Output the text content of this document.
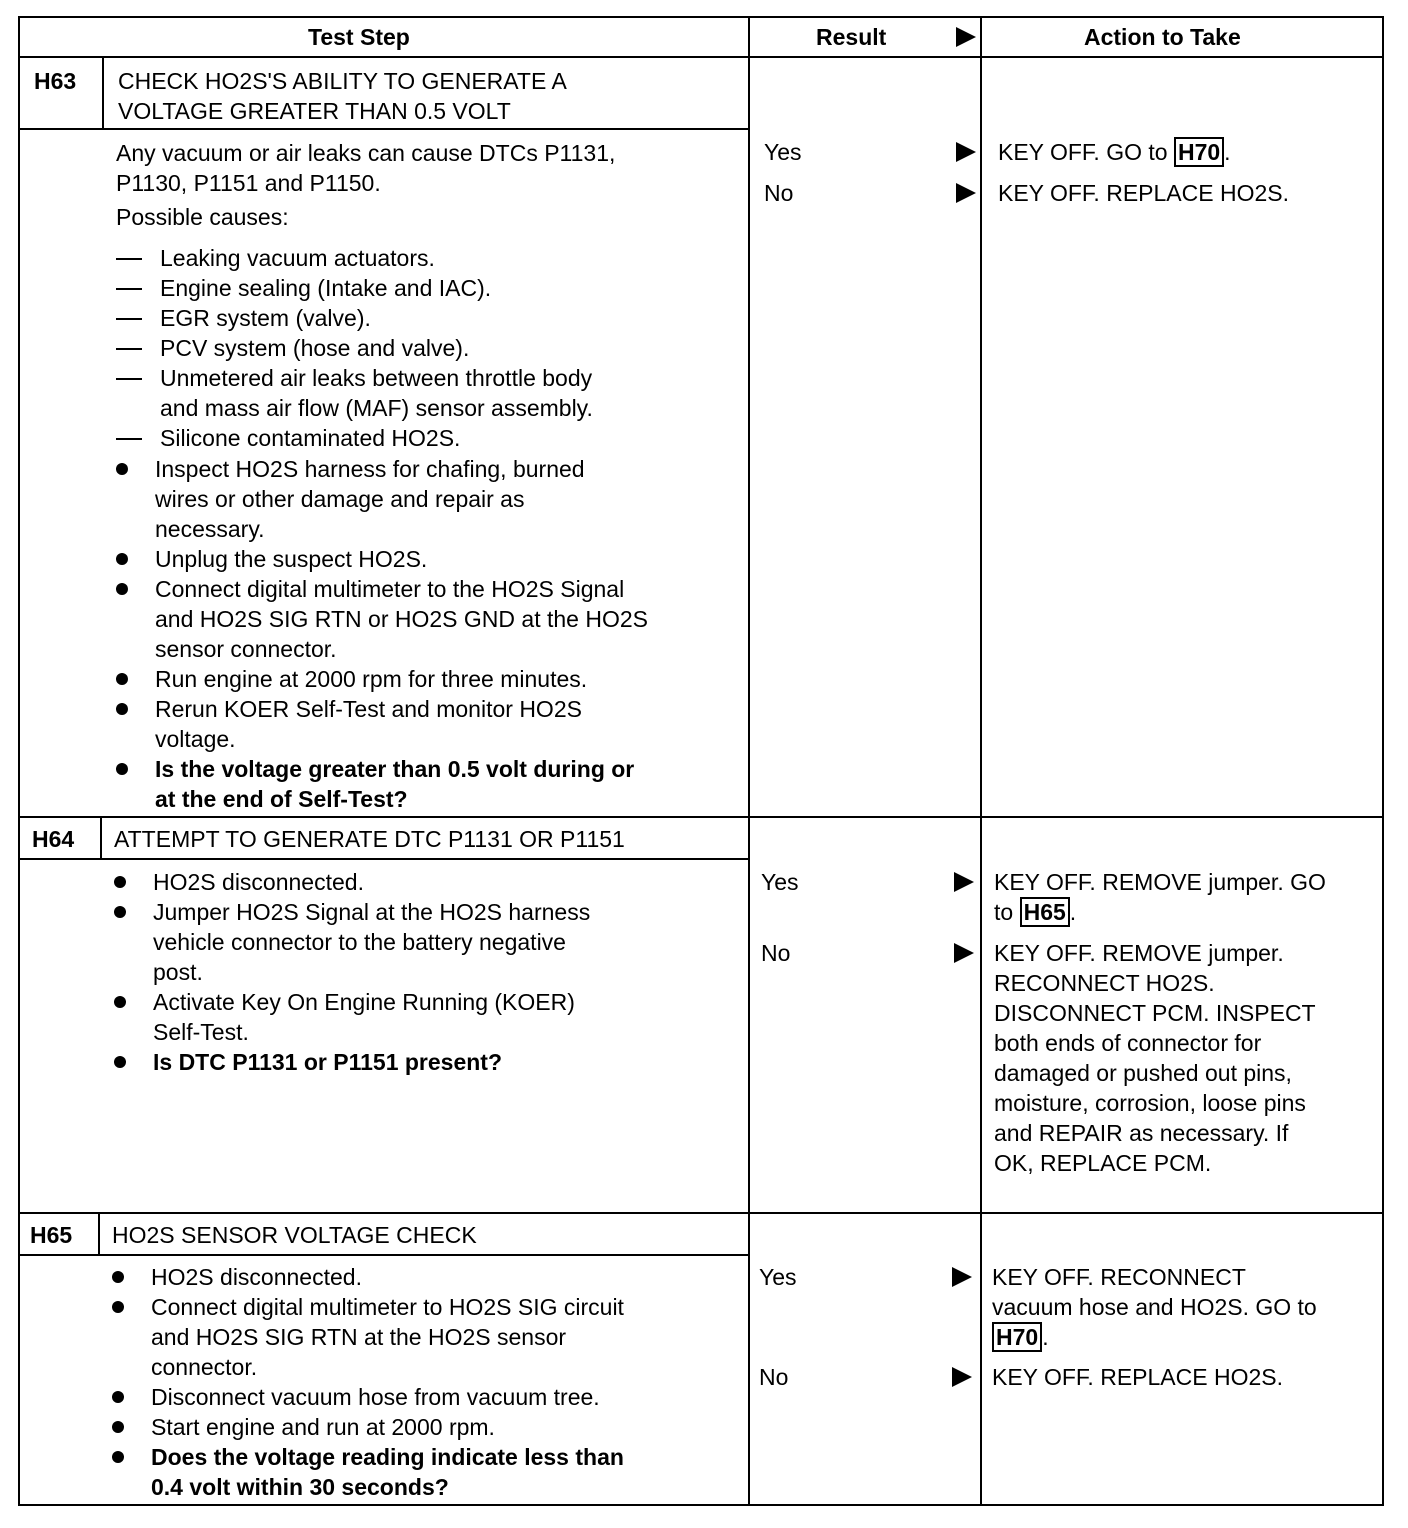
Test Step	Result	Action to Take
H63 CHECK HO2S'S ABILITY TO GENERATE A
VOLTAGE GREATER THAN 0.5 VOLT
Any vacuum or air leaks can cause DTCs P1131,
P1130, P1151 and P1150.
Possible causes:
Leaking vacuum actuators.
Engine sealing (Intake and IAC).
EGR system (valve).
PCV system (hose and valve).
Unmetered air leaks between throttle body
and mass air flow (MAF) sensor assembly.
Silicone contaminated HO2S.
Inspect HO2S harness for chafing, burned
wires or other damage and repair as
necessary.
Unplug the suspect HO2S.
Connect digital multimeter to the HO2S Signal
and HO2S SIG RTN or HO2S GND at the HO2S
sensor connector.
Run engine at 2000 rpm for three minutes.
Rerun KOER Self-Test and monitor HO2S
voltage.
Is the voltage greater than 0.5 volt during or
at the end of Self-Test?
Yes	KEY OFF. GO to H70 .
No	KEY OFF. REPLACE HO2S.
H64 ATTEMPT TO GENERATE DTC P1131 OR P1151
HO2S disconnected.
Jumper HO2S Signal at the HO2S harness
vehicle connector to the battery negative
post.
Activate Key On Engine Running (KOER)
Self-Test.
Is DTC P1131 or P1151 present?
Yes	KEY OFF. REMOVE jumper. GO
to H65 .
No	KEY OFF. REMOVE jumper.
RECONNECT HO2S.
DISCONNECT PCM. INSPECT
both ends of connector for
damaged or pushed out pins,
moisture, corrosion, loose pins
and REPAIR as necessary. If
OK, REPLACE PCM.
H65 HO2S SENSOR VOLTAGE CHECK
HO2S disconnected.
Connect digital multimeter to HO2S SIG circuit
and HO2S SIG RTN at the HO2S sensor
connector.
Disconnect vacuum hose from vacuum tree.
Start engine and run at 2000 rpm.
Does the voltage reading indicate less than
0.4 volt within 30 seconds?
Yes	KEY OFF. RECONNECT
vacuum hose and HO2S. GO to
H70 .
No	KEY OFF. REPLACE HO2S.
